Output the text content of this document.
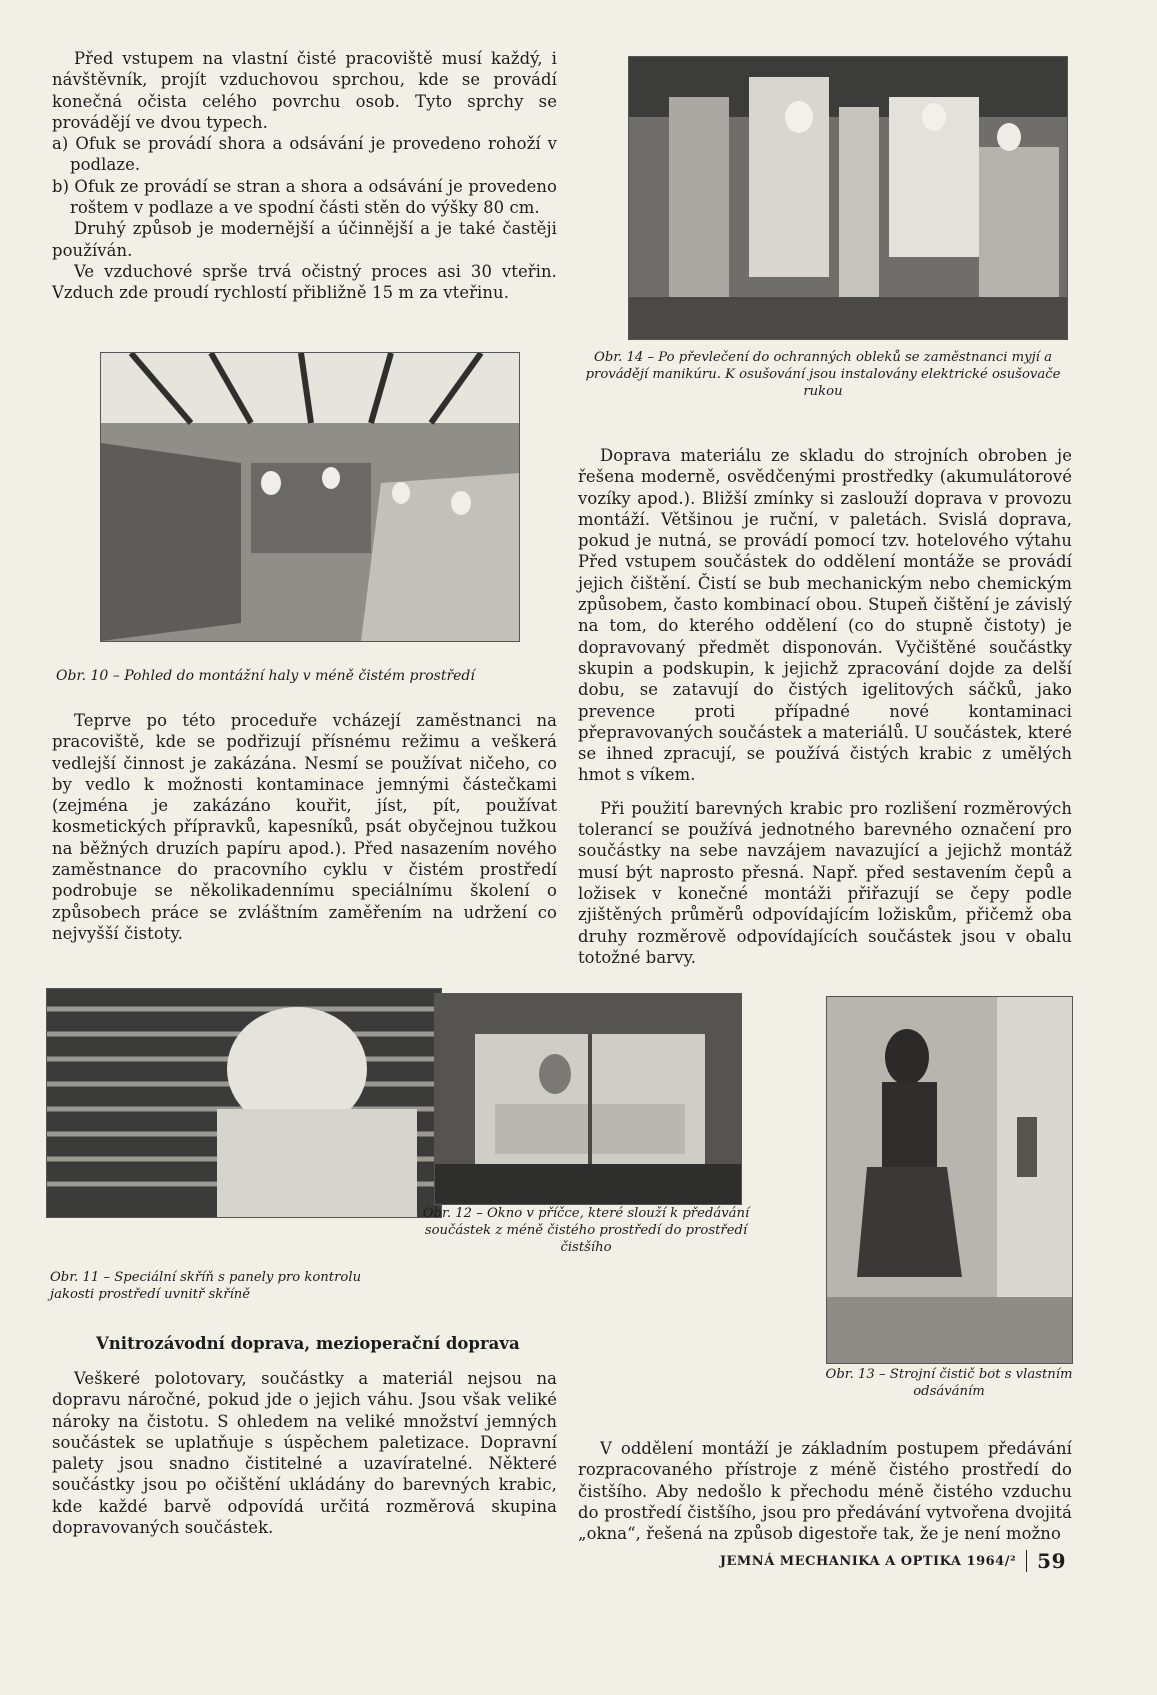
Před vstupem na vlastní čisté pracoviště musí každý, i návštěvník, projít vzduchovou sprchou, kde se provádí konečná očista celého povrchu osob. Tyto sprchy se provádějí ve dvou typech.

a) Ofuk se provádí shora a odsávání je provedeno rohoží v podlaze.

b) Ofuk ze provádí se stran a shora a odsávání je provedeno roštem v podlaze a ve spodní části stěn do výšky 80 cm.

Druhý způsob je modernější a účinnější a je také častěji používán.

Ve vzduchové sprše trvá očistný proces asi 30 vteřin. Vzduch zde proudí rychlostí přibližně 15 m za vteřinu.

Obr. 14 – Po převlečení do ochranných obleků se zaměstnanci myjí a provádějí manikúru. K osušování jsou instalovány elektrické osušovače rukou
Obr. 10 – Pohled do montážní haly v méně čistém prostředí

Teprve po této proceduře vcházejí zaměstnanci na pracoviště, kde se podřizují přísnému režimu a veškerá vedlejší činnost je zakázána. Nesmí se používat ničeho, co by vedlo k možnosti kontaminace jemnými částečkami (zejména je zakázáno kouřit, jíst, pít, používat kosmetických přípravků, kapesníků, psát obyčejnou tužkou na běžných druzích papíru apod.). Před nasazením nového zaměstnance do pracovního cyklu v čistém prostředí podrobuje se několikadennímu speciálnímu školení o způsobech práce se zvláštním zaměřením na udržení co nejvyšší čistoty.

Doprava materiálu ze skladu do strojních obroben je řešena moderně, osvědčenými prostředky (akumulátorové vozíky apod.). Bližší zmínky si zaslouží doprava v provozu montáží. Většinou je ruční, v paletách. Svislá doprava, pokud je nutná, se provádí pomocí tzv. hotelového výtahu Před vstupem součástek do oddělení montáže se provádí jejich čištění. Čistí se bub mechanickým nebo chemickým způsobem, často kombinací obou. Stupeň čištění je závislý na tom, do kterého oddělení (co do stupně čistoty) je dopravovaný předmět disponován. Vyčištěné součástky skupin a podskupin, k jejichž zpracování dojde za delší dobu, se zatavují do čistých igelitových sáčků, jako prevence proti případné nové kontaminaci přepravovaných součástek a materiálů. U součástek, které se ihned zpracují, se používá čistých krabic z umělých hmot s víkem.

Při použití barevných krabic pro rozlišení rozměrových tolerancí se používá jednotného barevného označení pro součástky na sebe navzájem navazující a jejichž montáž musí být naprosto přesná. Např. před sestavením čepů a ložisek v konečné montáži přiřazují se čepy podle zjištěných průměrů odpovídajícím ložiskům, přičemž oba druhy rozměrově odpovídajících součástek jsou v obalu totožné barvy.

Obr. 11 – Speciální skříň s panely pro kontrolu jakosti prostředí uvnitř skříně
Obr. 12 – Okno v příčce, které slouží k předávání součástek z méně čistého prostředí do prostředí čistšího
Obr. 13 – Strojní čistič bot s vlastním odsáváním
Vnitrozávodní doprava, mezioperační doprava

Veškeré polotovary, součástky a materiál nejsou na dopravu náročné, pokud jde o jejich váhu. Jsou však veliké nároky na čistotu. S ohledem na veliké množství jemných součástek se uplatňuje s úspěchem paletizace. Dopravní palety jsou snadno čistitelné a uzavíratelné. Některé součástky jsou po očištění ukládány do barevných krabic, kde každé barvě odpovídá určitá rozměrová skupina dopravovaných součástek.

V oddělení montáží je základním postupem předávání rozpracovaného přístroje z méně čistého prostředí do čistšího. Aby nedošlo k přechodu méně čistého vzduchu do prostředí čistšího, jsou pro předávání vytvořena dvojitá „okna“, řešená na způsob digestoře tak, že je není možno

JEMNÁ MECHANIKA A OPTIKA 1964/² 59
